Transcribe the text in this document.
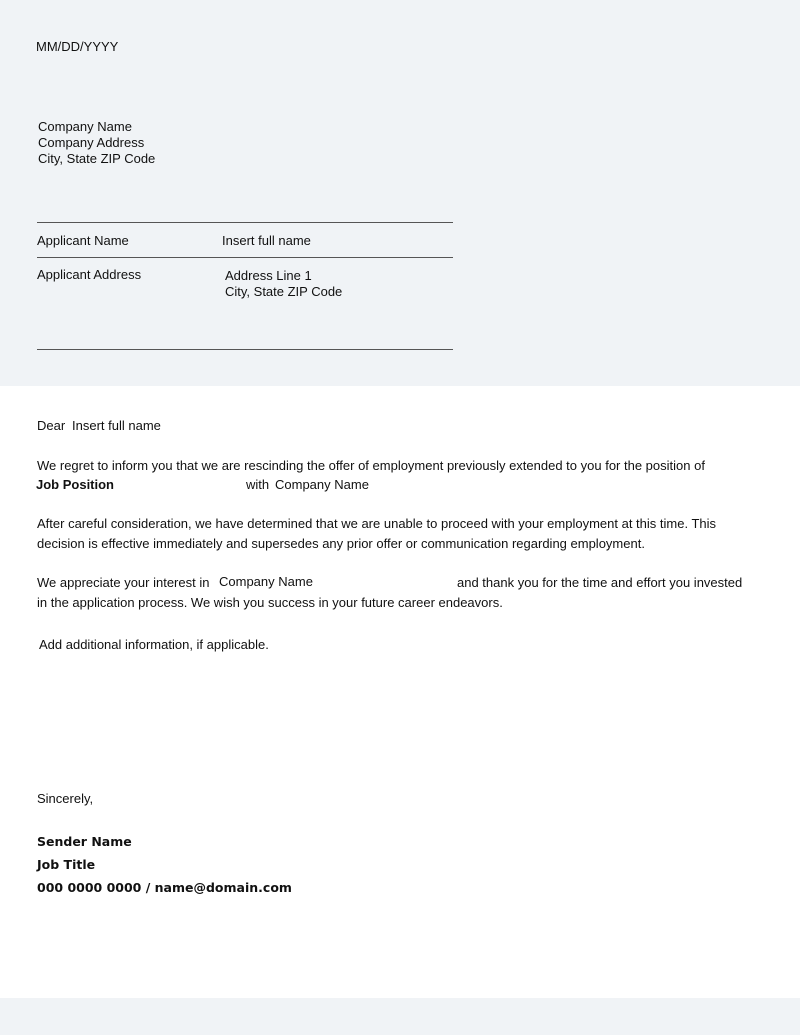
MM/DD/YYYY
Company Name
Company Address
City, State ZIP Code
Applicant Name	Insert full name
Applicant Address	Address Line 1
City, State ZIP Code
Dear Insert full name
We regret to inform you that we are rescinding the offer of employment previously extended to you for the position of
Job Position	with Company Name
After careful consideration, we have determined that we are unable to proceed with your employment at this time. This
decision is effective immediately and supersedes any prior offer or communication regarding employment.
We appreciate your interest in Company Name	and thank you for the time and effort you invested
in the application process. We wish you success in your future career endeavors.
Add additional information, if applicable.
Sincerely,
Sender Name
Job Title
000 0000 0000 / name@domain.com
